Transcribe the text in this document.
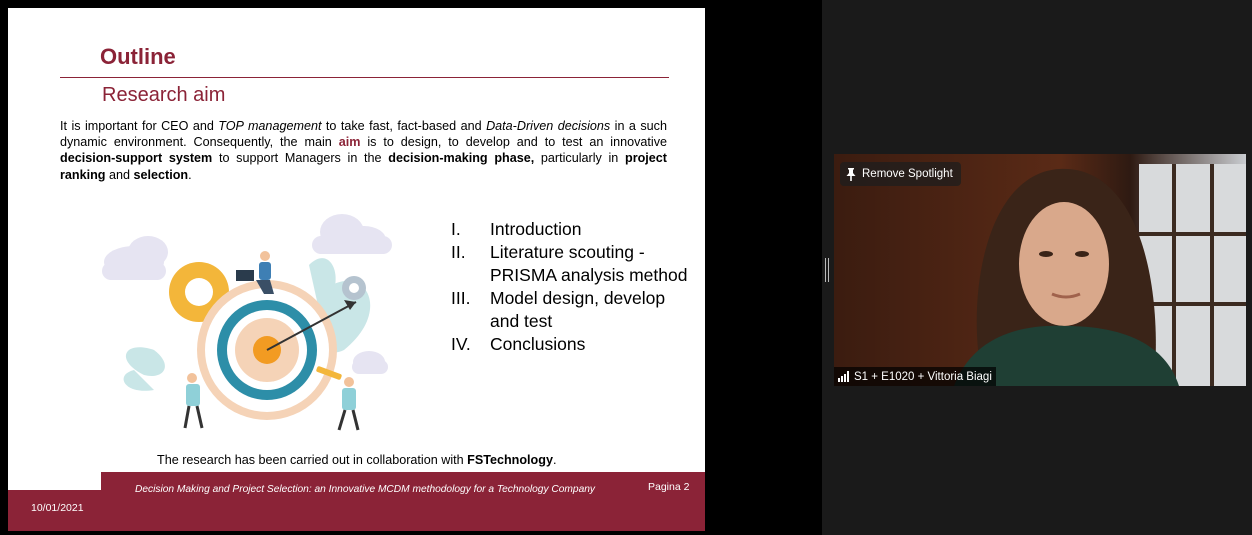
Outline
Research aim

It is important for CEO and TOP management to take fast, fact-based and Data-Driven decisions in a such dynamic environment. Consequently, the main aim is to design, to develop and to test an innovative decision-support system to support Managers in the decision-making phase, particularly in project ranking and selection.

I.	Introduction
II.	Literature scouting - PRISMA analysis method
III.	Model design, develop and test
IV.	Conclusions
The research has been carried out in collaboration with FSTechnology.
Decision Making and Project Selection: an Innovative MCDM methodology for a Technology Company	Pagina 2
10/01/2021
Remove Spotlight
S1 + E1020 + Vittoria Biagi
